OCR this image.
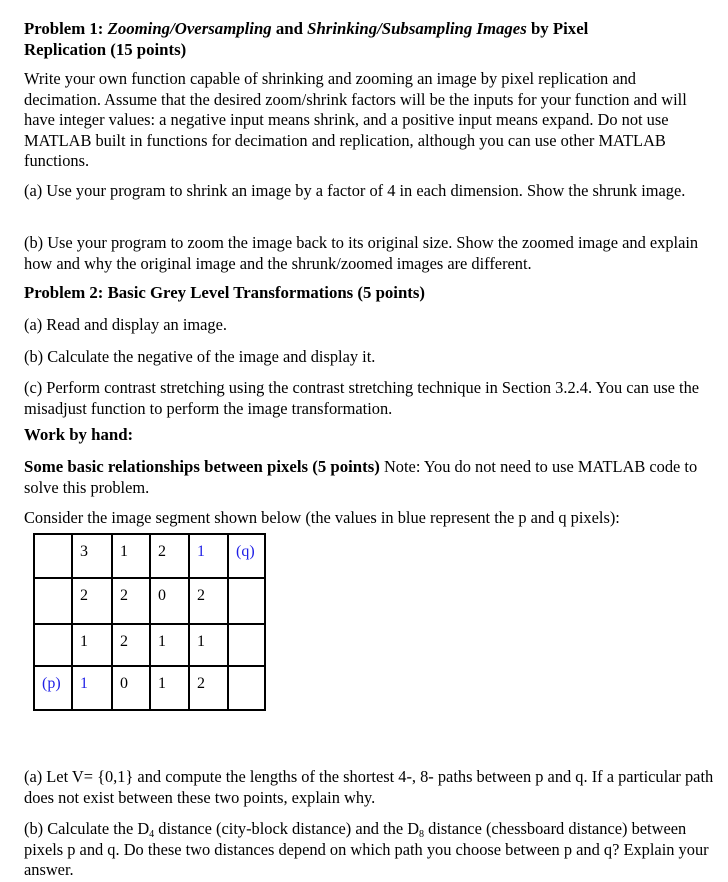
Problem 1: Zooming/Oversampling and Shrinking/Subsampling Images by Pixel Replication (15 points)
Write your own function capable of shrinking and zooming an image by pixel replication and decimation. Assume that the desired zoom/shrink factors will be the inputs for your function and will have integer values: a negative input means shrink, and a positive input means expand. Do not use MATLAB built in functions for decimation and replication, although you can use other MATLAB functions.
(a) Use your program to shrink an image by a factor of 4 in each dimension. Show the shrunk image.
(b) Use your program to zoom the image back to its original size. Show the zoomed image and explain how and why the original image and the shrunk/zoomed images are different.
Problem 2: Basic Grey Level Transformations (5 points)
(a) Read and display an image.
(b) Calculate the negative of the image and display it.
(c) Perform contrast stretching using the contrast stretching technique in Section 3.2.4. You can use the misadjust function to perform the image transformation.
Work by hand:
Some basic relationships between pixels (5 points) Note: You do not need to use MATLAB code to solve this problem.
Consider the image segment shown below (the values in blue represent the p and q pixels):

	3	1	2	1	(q)

	2	2	0	2	

	1	2	1	1	

(p)	1	0	1	2	

(a) Let V= {0,1} and compute the lengths of the shortest 4-, 8- paths between p and q. If a particular path does not exist between these two points, explain why.
(b) Calculate the $D_4$ distance (city-block distance) and the $D_8$ distance (chessboard distance) between pixels p and q. Do these two distances depend on which path you choose between p and q? Explain your answer.
